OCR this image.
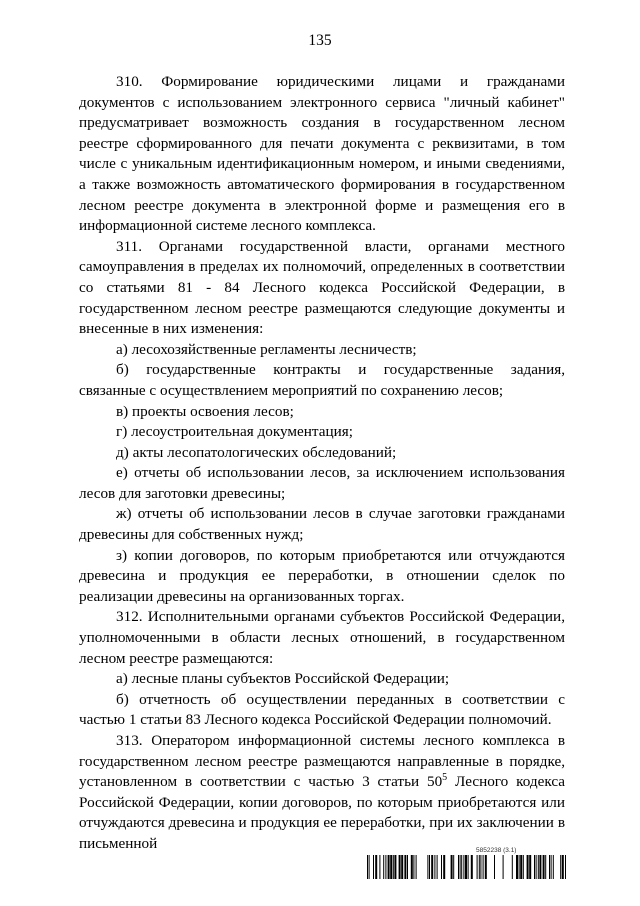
135

310. Формирование юридическими лицами и гражданами документов с использованием электронного сервиса "личный кабинет" предусматривает возможность создания в государственном лесном реестре сформированного для печати документа с реквизитами, в том числе с уникальным идентификационным номером, и иными сведениями, а также возможность автоматического формирования в государственном лесном реестре документа в электронной форме и размещения его в информационной системе лесного комплекса.

311. Органами государственной власти, органами местного самоуправления в пределах их полномочий, определенных в соответствии со статьями 81 - 84 Лесного кодекса Российской Федерации, в государственном лесном реестре размещаются следующие документы и внесенные в них изменения:

а) лесохозяйственные регламенты лесничеств;

б) государственные контракты и государственные задания, связанные с осуществлением мероприятий по сохранению лесов;

в) проекты освоения лесов;

г) лесоустроительная документация;

д) акты лесопатологических обследований;

е) отчеты об использовании лесов, за исключением использования лесов для заготовки древесины;

ж) отчеты об использовании лесов в случае заготовки гражданами древесины для собственных нужд;

з) копии договоров, по которым приобретаются или отчуждаются древесина и продукция ее переработки, в отношении сделок по реализации древесины на организованных торгах.

312. Исполнительными органами субъектов Российской Федерации, уполномоченными в области лесных отношений, в государственном лесном реестре размещаются:

а) лесные планы субъектов Российской Федерации;

б) отчетность об осуществлении переданных в соответствии с частью 1 статьи 83 Лесного кодекса Российской Федерации полномочий.

313. Оператором информационной системы лесного комплекса в государственном лесном реестре размещаются направленные в порядке, установленном в соответствии с частью 3 статьи $50^5$ Лесного кодекса Российской Федерации, копии договоров, по которым приобретаются или отчуждаются древесина и продукция ее переработки, при их заключении в письменной	5852238 (3.1)
